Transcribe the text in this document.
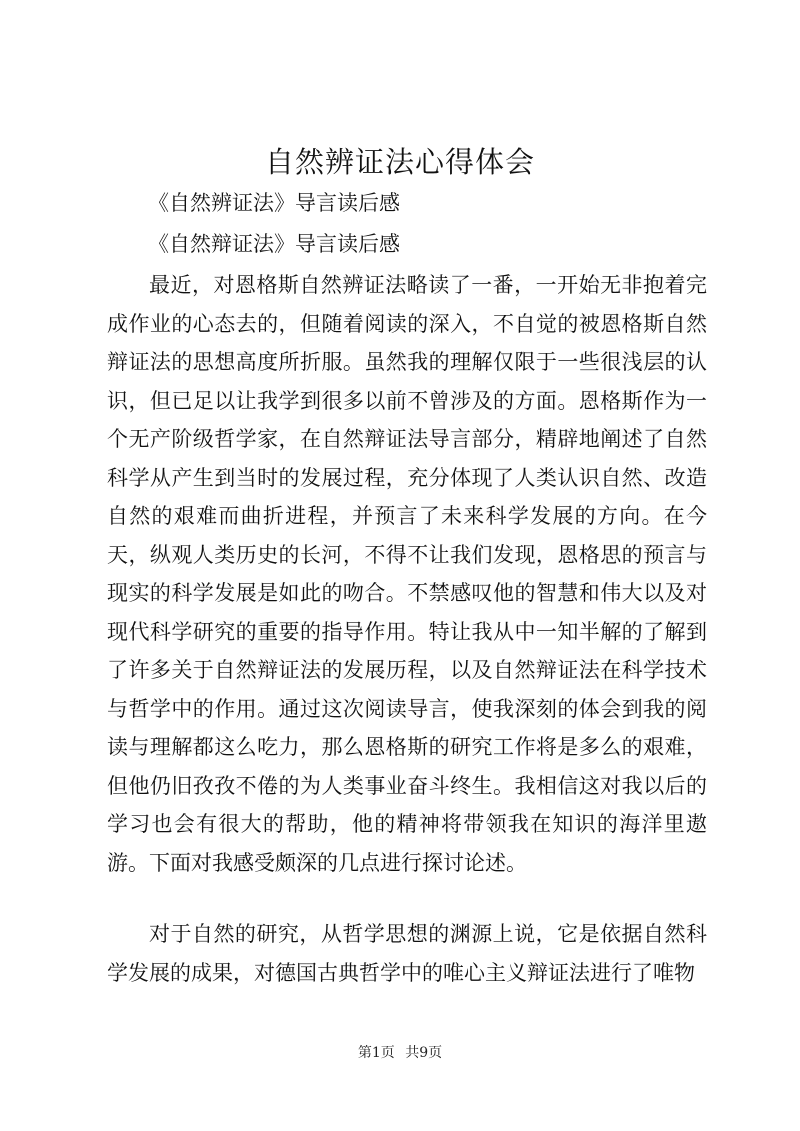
自然辨证法心得体会

《自然辨证法》导言读后感

《自然辩证法》导言读后感

最近，对恩格斯自然辨证法略读了一番，一开始无非抱着完成作业的心态去的，但随着阅读的深入，不自觉的被恩格斯自然辩证法的思想高度所折服。虽然我的理解仅限于一些很浅层的认识，但已足以让我学到很多以前不曾涉及的方面。恩格斯作为一个无产阶级哲学家，在自然辩证法导言部分，精辟地阐述了自然科学从产生到当时的发展过程，充分体现了人类认识自然、改造自然的艰难而曲折进程，并预言了未来科学发展的方向。在今天，纵观人类历史的长河，不得不让我们发现，恩格思的预言与现实的科学发展是如此的吻合。不禁感叹他的智慧和伟大以及对现代科学研究的重要的指导作用。特让我从中一知半解的了解到了许多关于自然辩证法的发展历程，以及自然辩证法在科学技术与哲学中的作用。通过这次阅读导言，使我深刻的体会到我的阅读与理解都这么吃力，那么恩格斯的研究工作将是多么的艰难，但他仍旧孜孜不倦的为人类事业奋斗终生。我相信这对我以后的学习也会有很大的帮助，他的精神将带领我在知识的海洋里遨游。下面对我感受颇深的几点进行探讨论述。

对于自然的研究，从哲学思想的渊源上说，它是依据自然科学发展的成果，对德国古典哲学中的唯心主义辩证法进行了唯物

第1页 共9页
